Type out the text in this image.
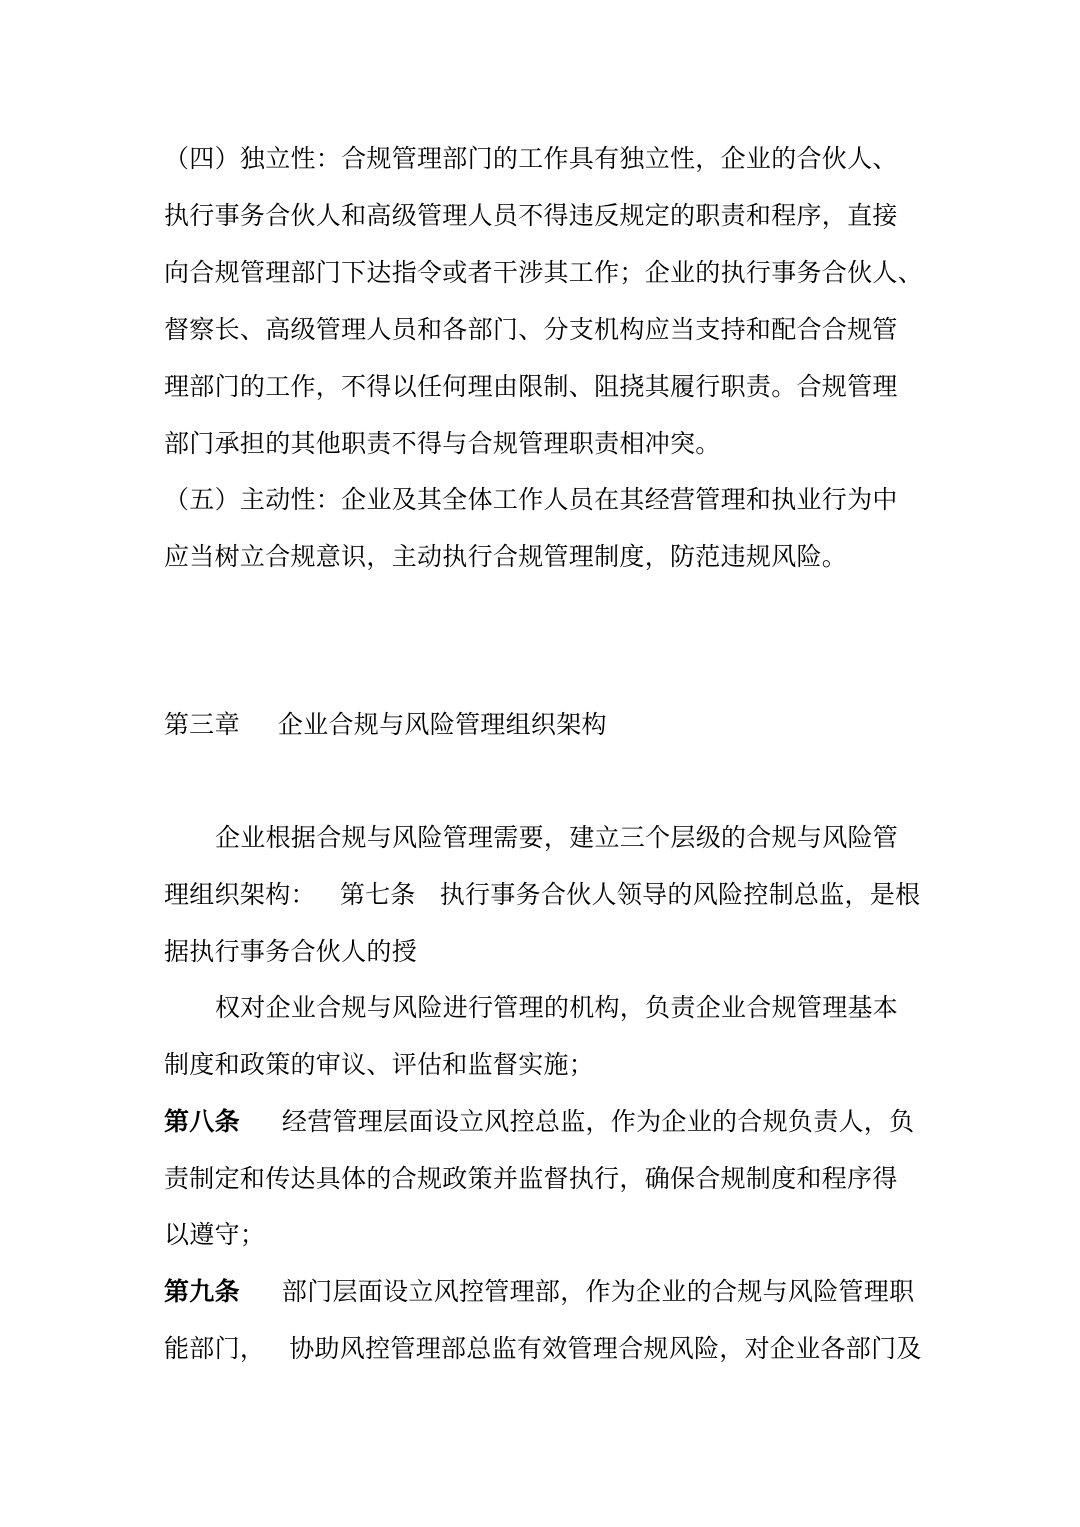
（四）独立性：合规管理部门的工作具有独立性，企业的合伙人、
执行事务合伙人和高级管理人员不得违反规定的职责和程序，直接
向合规管理部门下达指令或者干涉其工作；企业的执行事务合伙人、
督察长、高级管理人员和各部门、分支机构应当支持和配合合规管
理部门的工作，不得以任何理由限制、阻挠其履行职责。合规管理
部门承担的其他职责不得与合规管理职责相冲突。
（五）主动性：企业及其全体工作人员在其经营管理和执业行为中
应当树立合规意识，主动执行合规管理制度，防范违规风险。
第三章 企业合规与风险管理组织架构
企业根据合规与风险管理需要，建立三个层级的合规与风险管
理组织架构： 第七条 执行事务合伙人领导的风险控制总监，是根
据执行事务合伙人的授
权对企业合规与风险进行管理的机构，负责企业合规管理基本
制度和政策的审议、评估和监督实施；
第八条 经营管理层面设立风控总监，作为企业的合规负责人，负
责制定和传达具体的合规政策并监督执行，确保合规制度和程序得
以遵守；
第九条 部门层面设立风控管理部，作为企业的合规与风险管理职
能部门， 协助风控管理部总监有效管理合规风险，对企业各部门及
